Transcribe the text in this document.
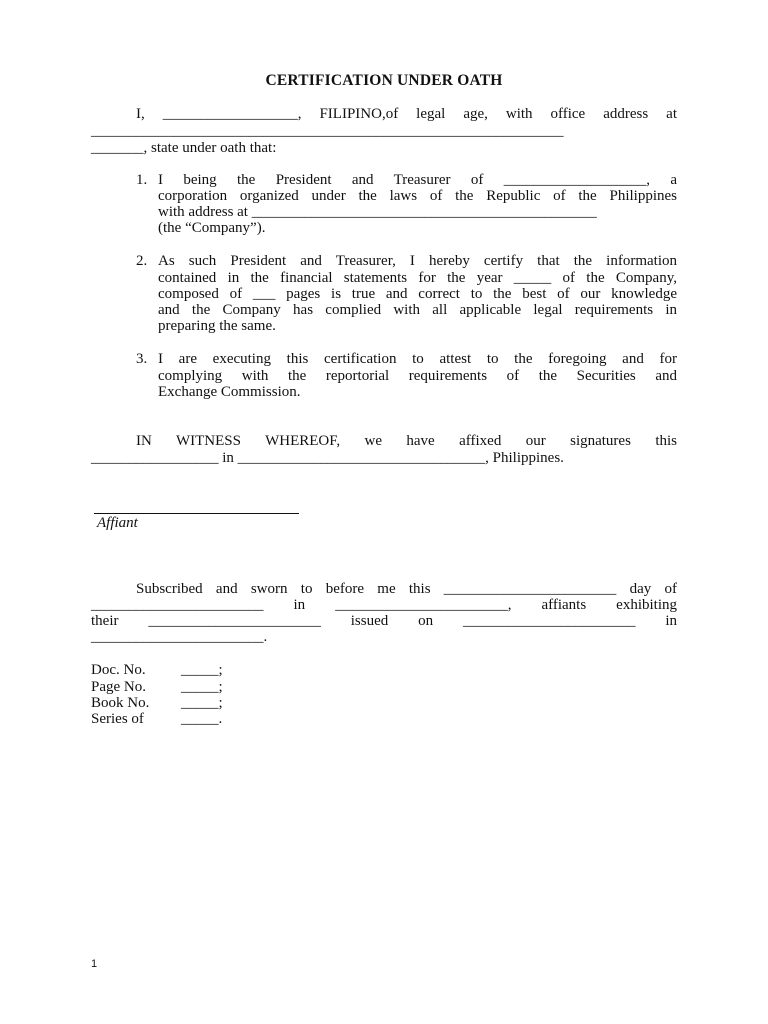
CERTIFICATION UNDER OATH
I, __________________, FILIPINO,of legal age, with office address at
_______________________________________________________________
_______, state under oath that:
1. I being the President and Treasurer of ___________________, a
corporation organized under the laws of the Republic of the Philippines
with address at ______________________________________________
(the “Company”).
2. As such President and Treasurer, I hereby certify that the information
contained in the financial statements for the year _____ of the Company,
composed of ___ pages is true and correct to the best of our knowledge
and the Company has complied with all applicable legal requirements in
preparing the same.
3. I are executing this certification to attest to the foregoing and for
complying with the reportorial requirements of the Securities and
Exchange Commission.
IN WITNESS WHEREOF, we have affixed our signatures this
_________________ in _________________________________, Philippines.
Affiant
Subscribed and sworn to before me this _______________________ day of
_______________________ in _______________________, affiants exhibiting
their _______________________ issued on _______________________ in
_______________________.
Doc. No. _____;
Page No. _____;
Book No. _____;
Series of _____.
1
